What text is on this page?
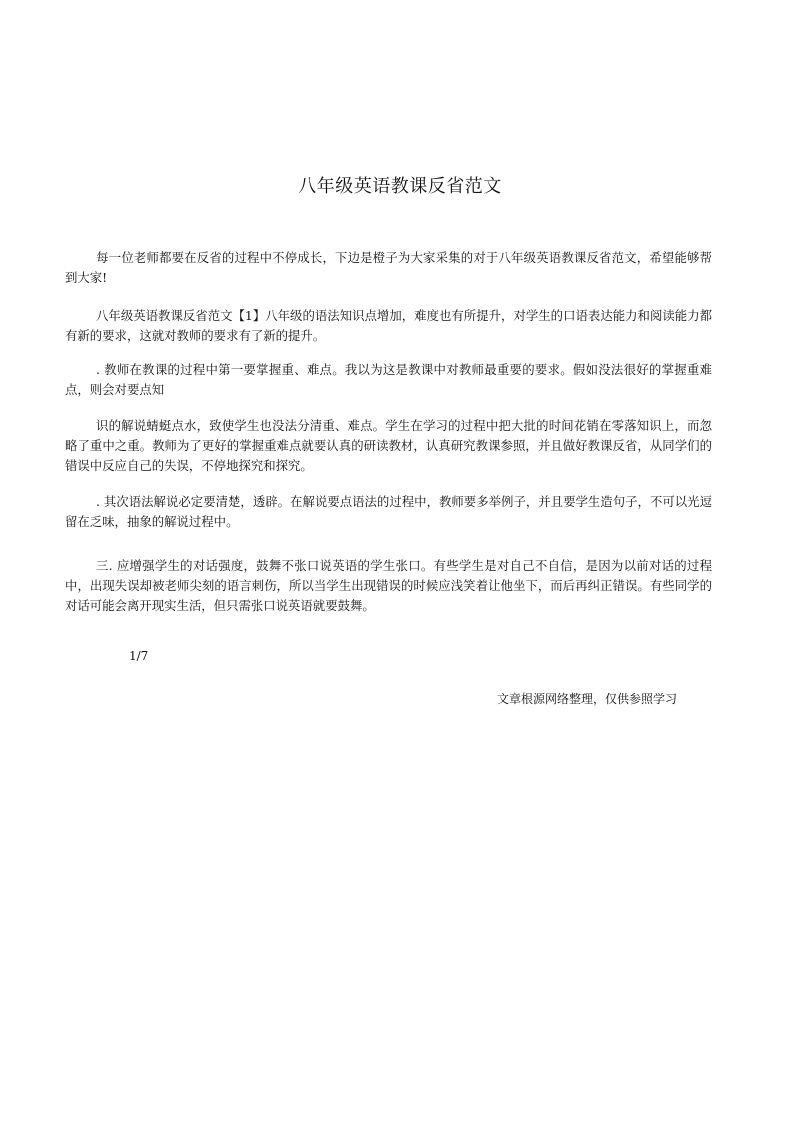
八年级英语教课反省范文

每一位老师都要在反省的过程中不停成长，下边是橙子为大家采集的对于八年级英语教课反省范文，希望能够帮到大家!

八年级英语教课反省范文【1】八年级的语法知识点增加，难度也有所提升，对学生的口语表达能力和阅读能力都有新的要求，这就对教师的要求有了新的提升。

. 教师在教课的过程中第一要掌握重、难点。我以为这是教课中对教师最重要的要求。假如没法很好的掌握重难点，则会对要点知

识的解说蜻蜓点水，致使学生也没法分清重、难点。学生在学习的过程中把大批的时间花销在零落知识上，而忽略了重中之重。教师为了更好的掌握重难点就要认真的研读教材，认真研究教课参照，并且做好教课反省，从同学们的错误中反应自己的失误，不停地探究和探究。

. 其次语法解说必定要清楚，透辟。在解说要点语法的过程中，教师要多举例子，并且要学生造句子，不可以光逗留在乏味，抽象的解说过程中。

三. 应增强学生的对话强度，鼓舞不张口说英语的学生张口。有些学生是对自己不自信，是因为以前对话的过程中，出现失误却被老师尖刻的语言刺伤，所以当学生出现错误的时候应浅笑着让他坐下，而后再纠正错误。有些同学的对话可能会离开现实生活，但只需张口说英语就要鼓舞。

1/7

文章根源网络整理，仅供参照学习
